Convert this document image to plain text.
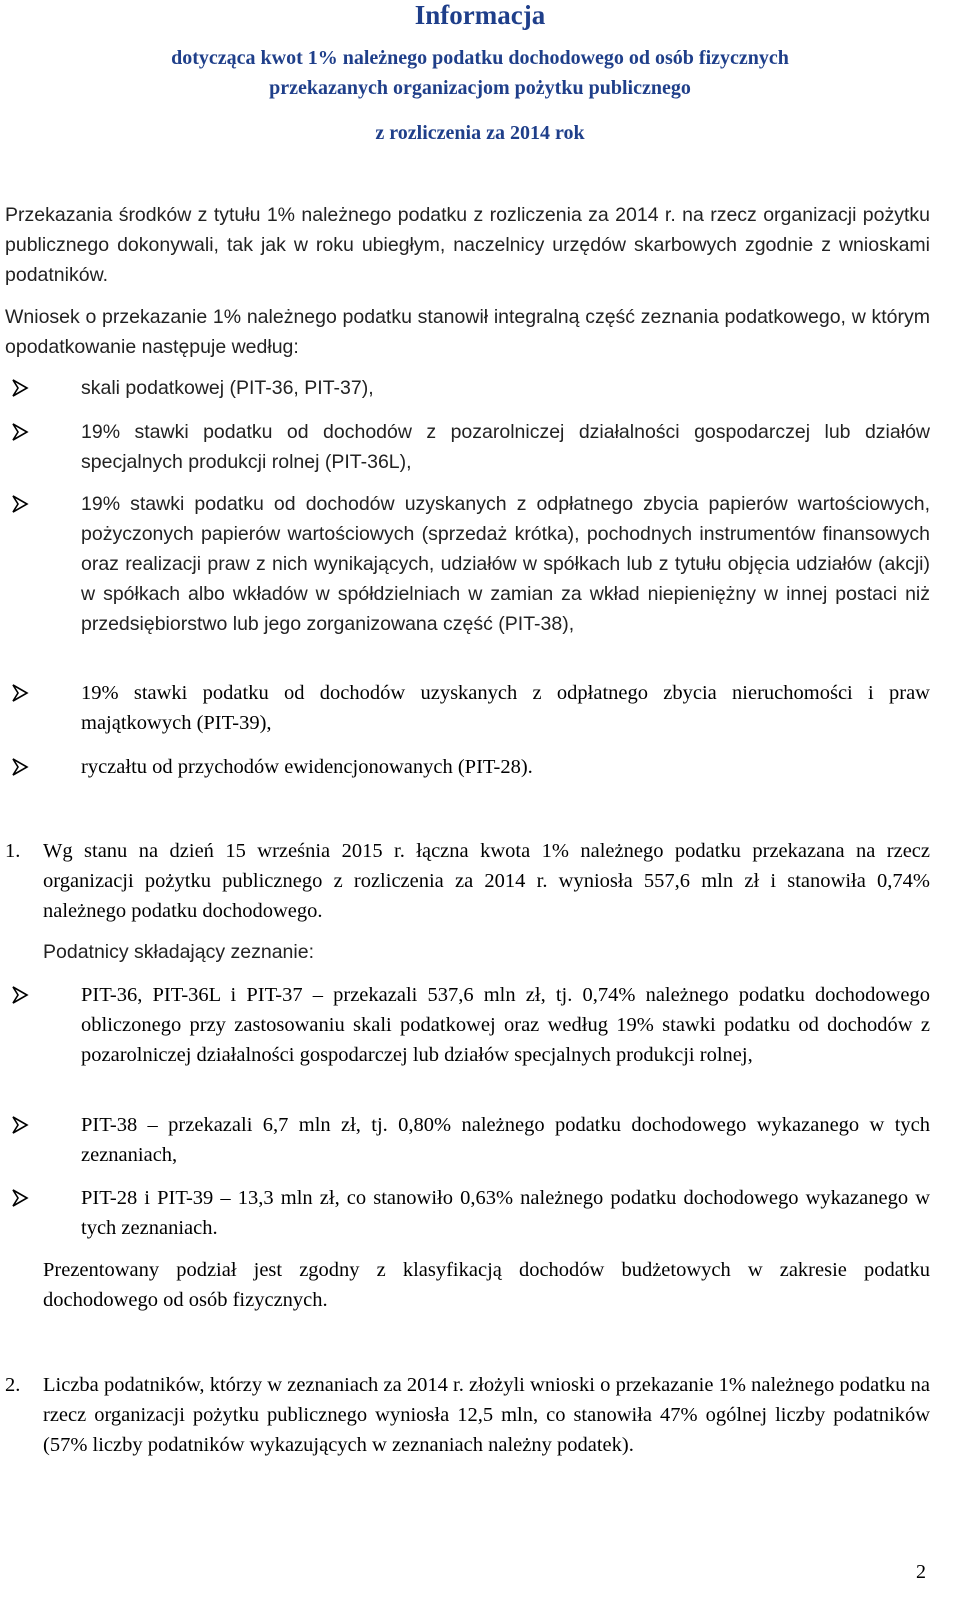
Informacja
dotycząca kwot 1% należnego podatku dochodowego od osób fizycznych
przekazanych organizacjom pożytku publicznego
z rozliczenia za 2014 rok
Przekazania środków z tytułu 1% należnego podatku z rozliczenia za 2014 r. na rzecz organizacji pożytku publicznego dokonywali, tak jak w roku ubiegłym, naczelnicy urzędów skarbowych zgodnie z wnioskami podatników.
Wniosek o przekazanie 1% należnego podatku stanowił integralną część zeznania podatkowego, w którym opodatkowanie następuje według:
skali podatkowej (PIT-36, PIT-37),
19% stawki podatku od dochodów z pozarolniczej działalności gospodarczej lub działów specjalnych produkcji rolnej (PIT-36L),
19% stawki podatku od dochodów uzyskanych z odpłatnego zbycia papierów wartościowych, pożyczonych papierów wartościowych (sprzedaż krótka), pochodnych instrumentów finansowych oraz realizacji praw z nich wynikających, udziałów w spółkach lub z tytułu objęcia udziałów (akcji) w spółkach albo wkładów w spółdzielniach w zamian za wkład niepieniężny w innej postaci niż przedsiębiorstwo lub jego zorganizowana część (PIT-38),
19% stawki podatku od dochodów uzyskanych z odpłatnego zbycia nieruchomości i praw majątkowych (PIT-39),
ryczałtu od przychodów ewidencjonowanych (PIT-28).
1. Wg stanu na dzień 15 września 2015 r. łączna kwota 1% należnego podatku przekazana na rzecz organizacji pożytku publicznego z rozliczenia za 2014 r. wyniosła 557,6 mln zł i stanowiła 0,74% należnego podatku dochodowego.
Podatnicy składający zeznanie:
PIT-36, PIT-36L i PIT-37 – przekazali 537,6 mln zł, tj. 0,74% należnego podatku dochodowego obliczonego przy zastosowaniu skali podatkowej oraz według 19% stawki podatku od dochodów z pozarolniczej działalności gospodarczej lub działów specjalnych produkcji rolnej,
PIT-38 – przekazali 6,7 mln zł, tj. 0,80% należnego podatku dochodowego wykazanego w tych zeznaniach,
PIT-28 i PIT-39 – 13,3 mln zł, co stanowiło 0,63% należnego podatku dochodowego wykazanego w tych zeznaniach.
Prezentowany podział jest zgodny z klasyfikacją dochodów budżetowych w zakresie podatku dochodowego od osób fizycznych.
2. Liczba podatników, którzy w zeznaniach za 2014 r. złożyli wnioski o przekazanie 1% należnego podatku na rzecz organizacji pożytku publicznego wyniosła 12,5 mln, co stanowiła 47% ogólnej liczby podatników (57% liczby podatników wykazujących w zeznaniach należny podatek).
2
